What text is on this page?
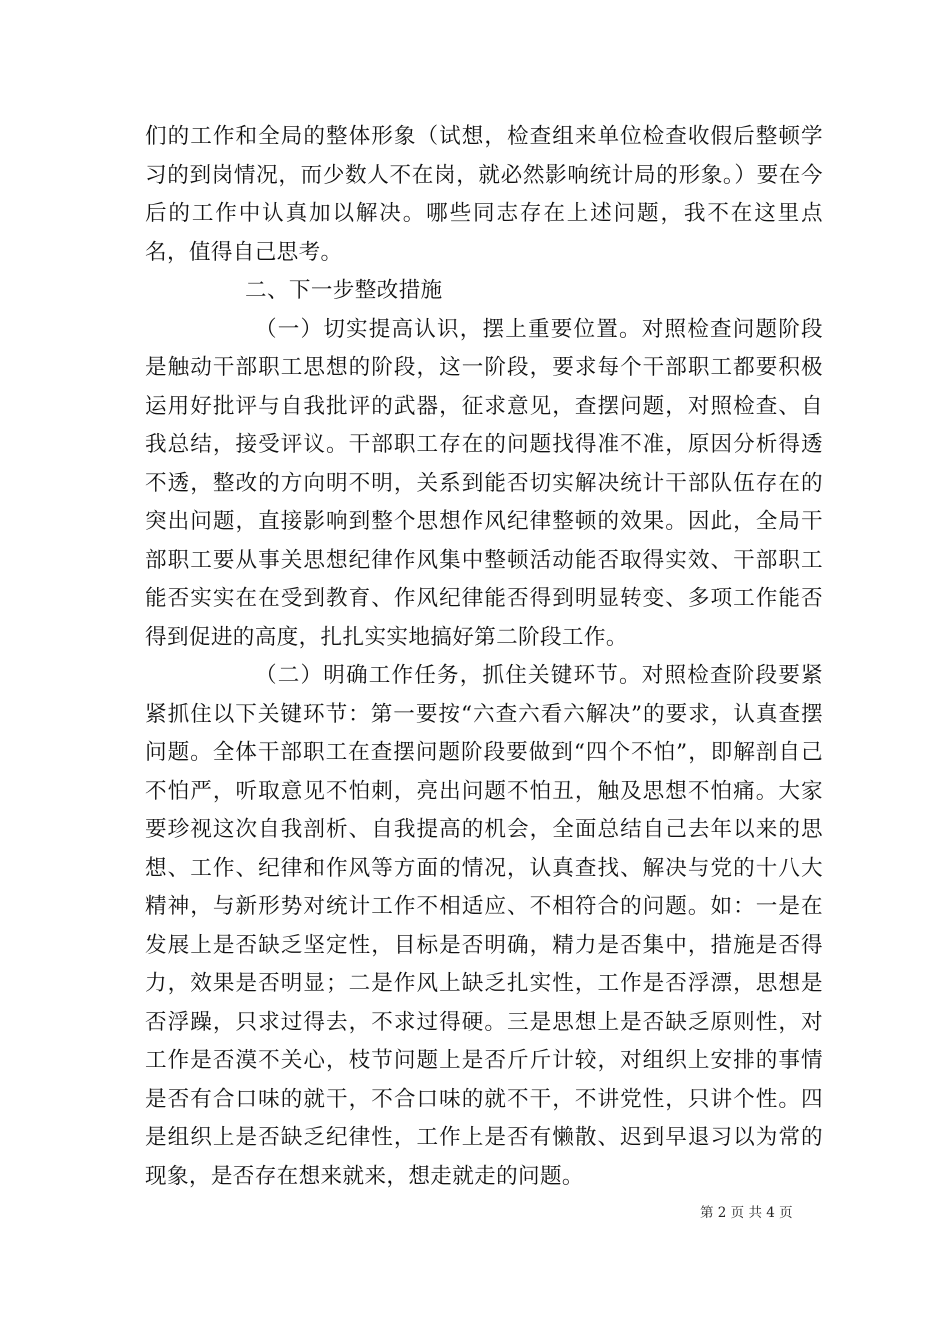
们的工作和全局的整体形象（试想，检查组来单位检查收假后整顿学习的到岗情况，而少数人不在岗，就必然影响统计局的形象。）要在今后的工作中认真加以解决。哪些同志存在上述问题，我不在这里点名，值得自己思考。

二、下一步整改措施

（一）切实提高认识，摆上重要位置。对照检查问题阶段是触动干部职工思想的阶段，这一阶段，要求每个干部职工都要积极运用好批评与自我批评的武器，征求意见，查摆问题，对照检查、自我总结，接受评议。干部职工存在的问题找得准不准，原因分析得透不透，整改的方向明不明，关系到能否切实解决统计干部队伍存在的突出问题，直接影响到整个思想作风纪律整顿的效果。因此，全局干部职工要从事关思想纪律作风集中整顿活动能否取得实效、干部职工能否实实在在受到教育、作风纪律能否得到明显转变、多项工作能否得到促进的高度，扎扎实实地搞好第二阶段工作。

（二）明确工作任务，抓住关键环节。对照检查阶段要紧紧抓住以下关键环节：第一要按“六查六看六解决”的要求，认真查摆问题。全体干部职工在查摆问题阶段要做到“四个不怕”，即解剖自己不怕严，听取意见不怕刺，亮出问题不怕丑，触及思想不怕痛。大家要珍视这次自我剖析、自我提高的机会，全面总结自己去年以来的思想、工作、纪律和作风等方面的情况，认真查找、解决与党的十八大精神，与新形势对统计工作不相适应、不相符合的问题。如：一是在发展上是否缺乏坚定性，目标是否明确，精力是否集中，措施是否得力，效果是否明显；二是作风上缺乏扎实性，工作是否浮漂，思想是否浮躁，只求过得去，不求过得硬。三是思想上是否缺乏原则性，对工作是否漠不关心，枝节问题上是否斤斤计较，对组织上安排的事情是否有合口味的就干，不合口味的就不干，不讲党性，只讲个性。四是组织上是否缺乏纪律性，工作上是否有懒散、迟到早退习以为常的现象，是否存在想来就来，想走就走的问题。

第 2 页 共 4 页
